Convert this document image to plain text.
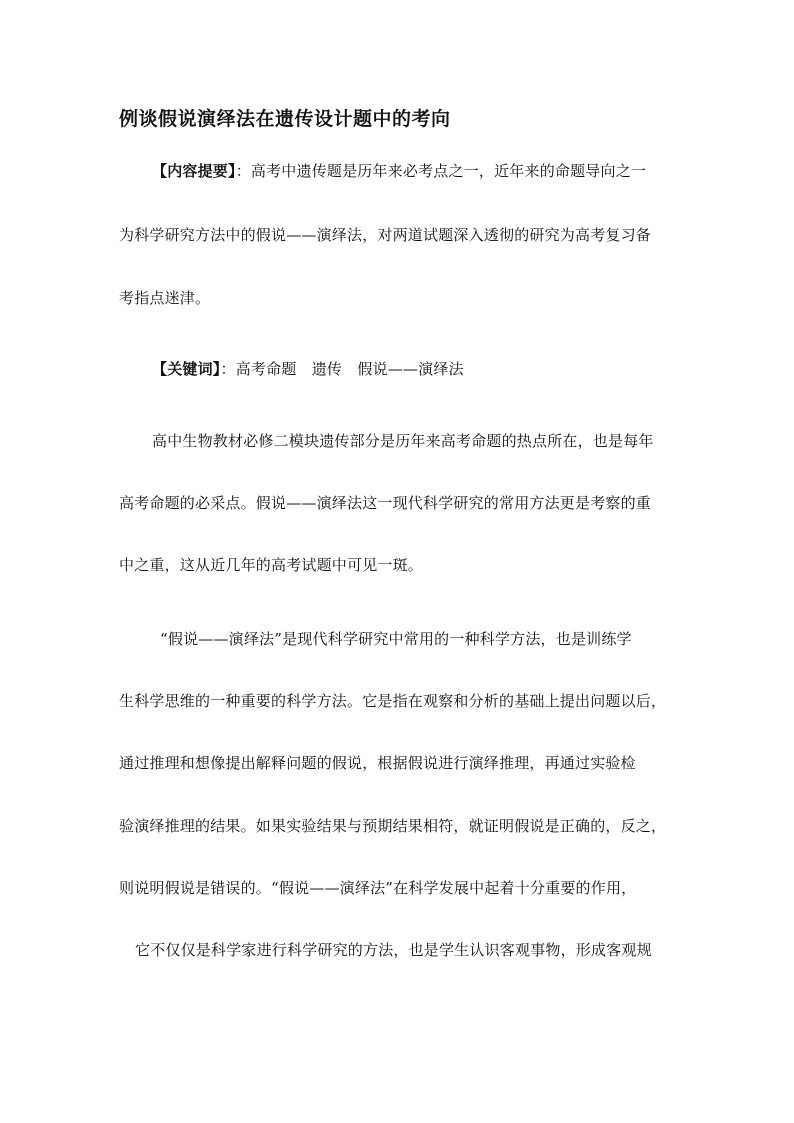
例谈假说演绎法在遗传设计题中的考向
【内容提要】：高考中遗传题是历年来必考点之一，近年来的命题导向之一
为科学研究方法中的假说——演绎法，对两道试题深入透彻的研究为高考复习备
考指点迷津。
【关键词】：高考命题　遗传　假说——演绎法
高中生物教材必修二模块遗传部分是历年来高考命题的热点所在，也是每年
高考命题的必采点。假说——演绎法这一现代科学研究的常用方法更是考察的重
中之重，这从近几年的高考试题中可见一斑。
“假说——演绎法”是现代科学研究中常用的一种科学方法，也是训练学
生科学思维的一种重要的科学方法。它是指在观察和分析的基础上提出问题以后，
通过推理和想像提出解释问题的假说，根据假说进行演绎推理，再通过实验检
验演绎推理的结果。如果实验结果与预期结果相符，就证明假说是正确的，反之，
则说明假说是错误的。“假说——演绎法”在科学发展中起着十分重要的作用，
它不仅仅是科学家进行科学研究的方法，也是学生认识客观事物，形成客观规
